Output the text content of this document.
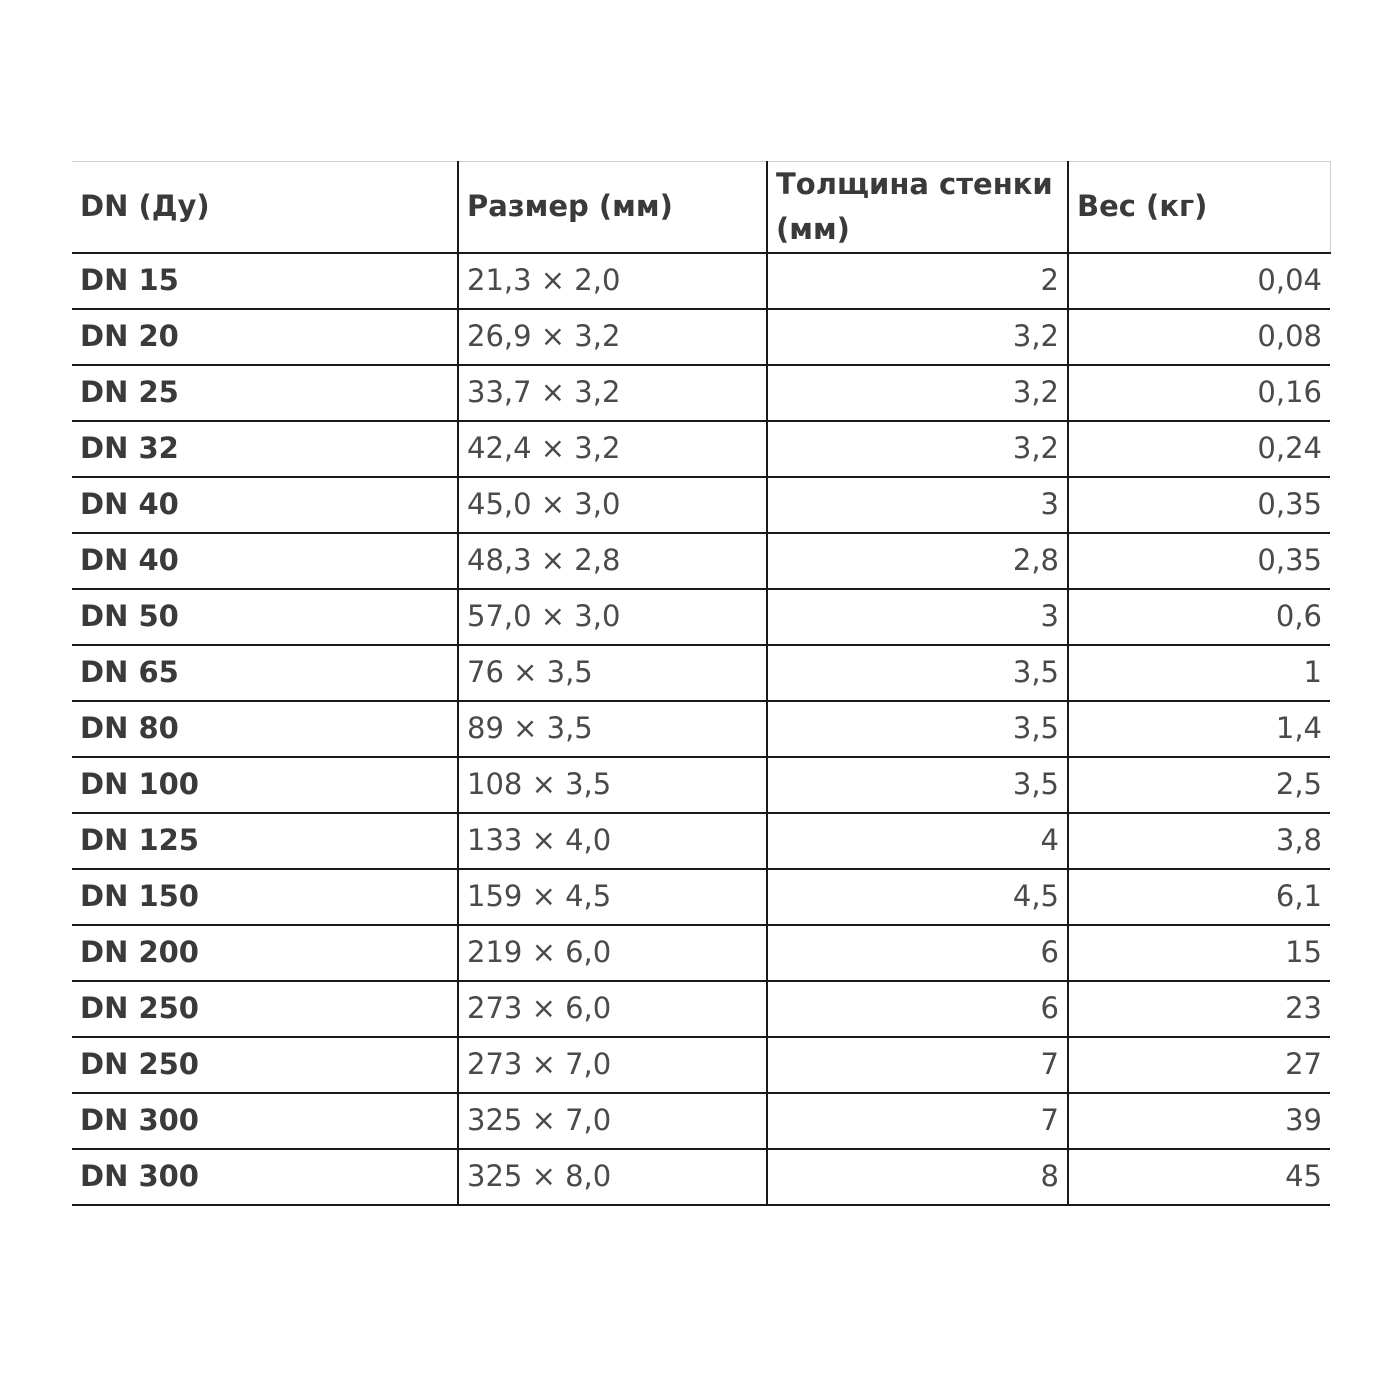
DN (Ду)	Размер (мм)	Толщина стенки (мм)	Вес (кг)
DN 15	21,3 × 2,0	2	0,04
DN 20	26,9 × 3,2	3,2	0,08
DN 25	33,7 × 3,2	3,2	0,16
DN 32	42,4 × 3,2	3,2	0,24
DN 40	45,0 × 3,0	3	0,35
DN 40	48,3 × 2,8	2,8	0,35
DN 50	57,0 × 3,0	3	0,6
DN 65	76 × 3,5	3,5	1
DN 80	89 × 3,5	3,5	1,4
DN 100	108 × 3,5	3,5	2,5
DN 125	133 × 4,0	4	3,8
DN 150	159 × 4,5	4,5	6,1
DN 200	219 × 6,0	6	15
DN 250	273 × 6,0	6	23
DN 250	273 × 7,0	7	27
DN 300	325 × 7,0	7	39
DN 300	325 × 8,0	8	45
